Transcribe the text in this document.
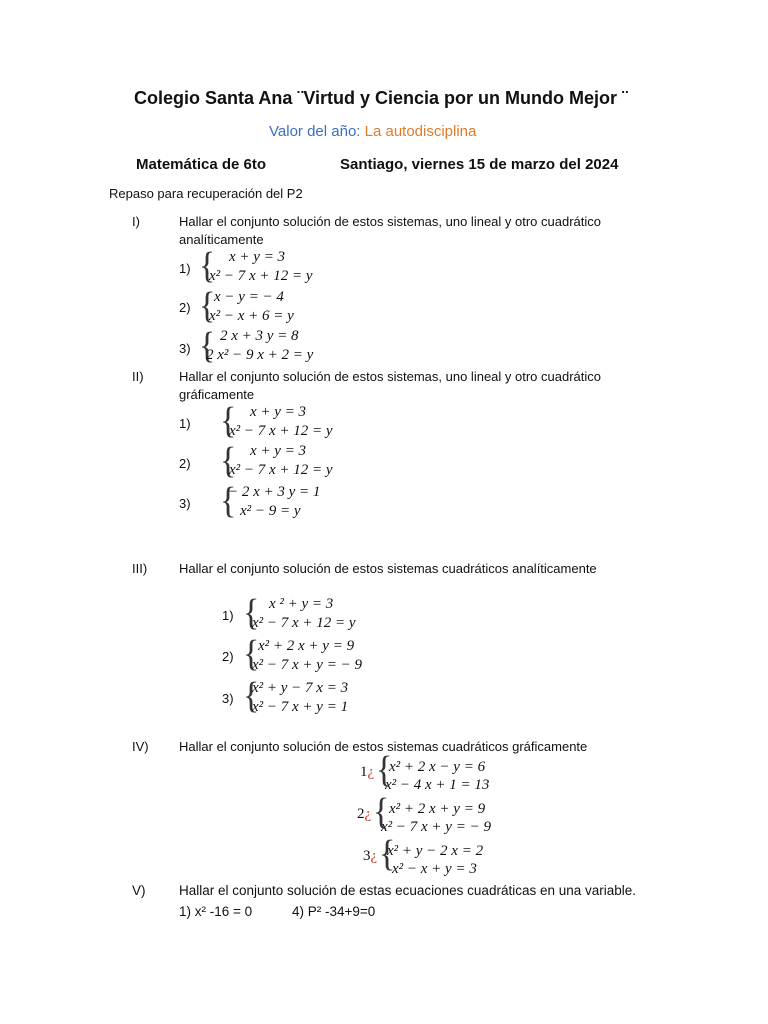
Colegio Santa Ana ¨Virtud y Ciencia por un Mundo Mejor ¨
Valor del año: La autodisciplina
Matemática de 6to	Santiago, viernes 15 de marzo del 2024
Repaso para recuperación del P2
I)	Hallar el conjunto solución de estos sistemas, uno lineal y otro cuadrático
analíticamente
1) { x + y = 3
x² − 7 x + 12 = y
2) {
x − y = − 4
x² − x + 6 = y
3) { 2 x + 3 y = 8
2 x² − 9 x + 2 = y
II)	Hallar el conjunto solución de estos sistemas, uno lineal y otro cuadrático
gráficamente
1) { x + y = 3
x² − 7 x + 12 = y
2) { x + y = 3
x² − 7 x + 12 = y
3) {
− 2 x + 3 y = 1
x² − 9 = y
III) Hallar el conjunto solución de estos sistemas cuadráticos analíticamente
1) { x ² + y = 3
x² − 7 x + 12 = y
2) {
x² + 2 x + y = 9
x² − 7 x + y = − 9
3) {
x² + y − 7 x = 3
x² − 7 x + y = 1
IV) Hallar el conjunto solución de estos sistemas cuadráticos gráficamente
1¿ {
x² + 2 x − y = 6
x² − 4 x + 1 = 13
2¿ { x² + 2 x + y = 9
x² − 7 x + y = − 9
3¿ {
x² + y − 2 x = 2
x² − x + y = 3
V) Hallar el conjunto solución de estas ecuaciones cuadráticas en una variable.
1) x² -16 = 0	4) P² -34+9=0
